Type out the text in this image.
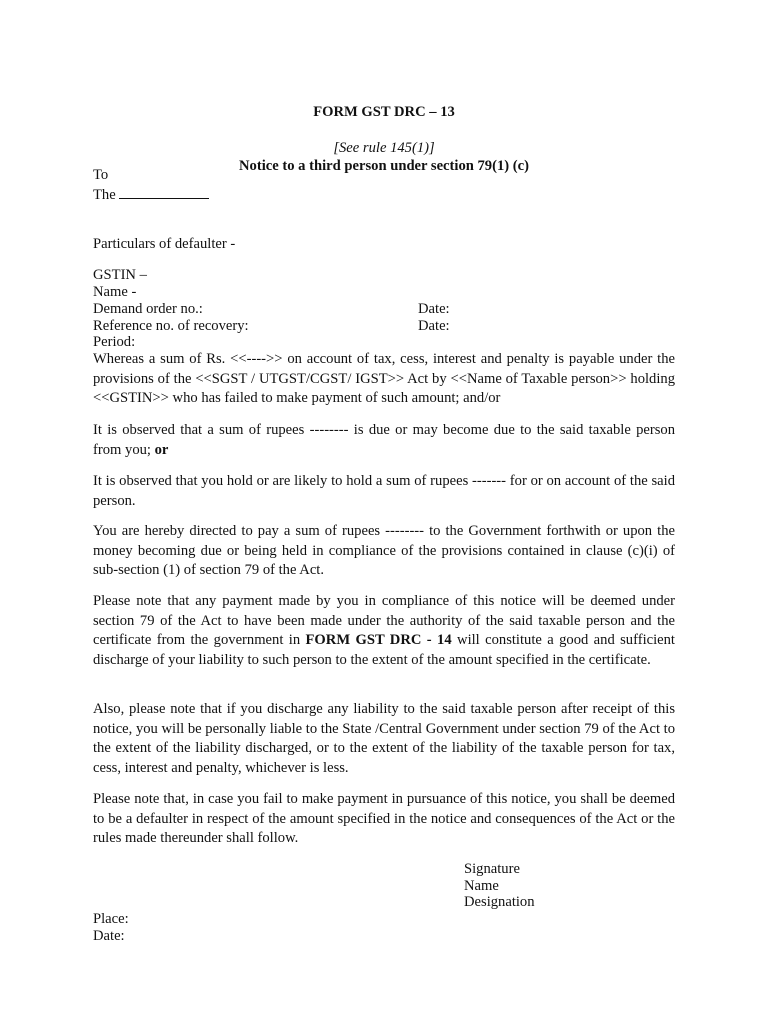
FORM GST DRC – 13
[See rule 145(1)]
Notice to a third person under section 79(1) (c)
To
The
Particulars of defaulter -
GSTIN –
Name -
Demand order no.:	Date:
Reference no. of recovery:	Date:
Period:

Whereas a sum of Rs. <<---->> on account of tax, cess, interest and penalty is payable under the provisions of the <<SGST / UTGST/CGST/ IGST>> Act by <<Name of Taxable person>> holding <<GSTIN>> who has failed to make payment of such amount; and/or

It is observed that a sum of rupees -------- is due or may become due to the said taxable person from you; or

It is observed that you hold or are likely to hold a sum of rupees ------- for or on account of the said person.

You are hereby directed to pay a sum of rupees -------- to the Government forthwith or upon the money becoming due or being held in compliance of the provisions contained in clause (c)(i) of sub-section (1) of section 79 of the Act.

Please note that any payment made by you in compliance of this notice will be deemed under section 79 of the Act to have been made under the authority of the said taxable person and the certificate from the government in FORM GST DRC - 14 will constitute a good and sufficient discharge of your liability to such person to the extent of the amount specified in the certificate.

Also, please note that if you discharge any liability to the said taxable person after receipt of this notice, you will be personally liable to the State /Central Government under section 79 of the Act to the extent of the liability discharged, or to the extent of the liability of the taxable person for tax, cess, interest and penalty, whichever is less.

Please note that, in case you fail to make payment in pursuance of this notice, you shall be deemed to be a defaulter in respect of the amount specified in the notice and consequences of the Act or the rules made thereunder shall follow.

Signature
Name
Designation
Place:
Date:
